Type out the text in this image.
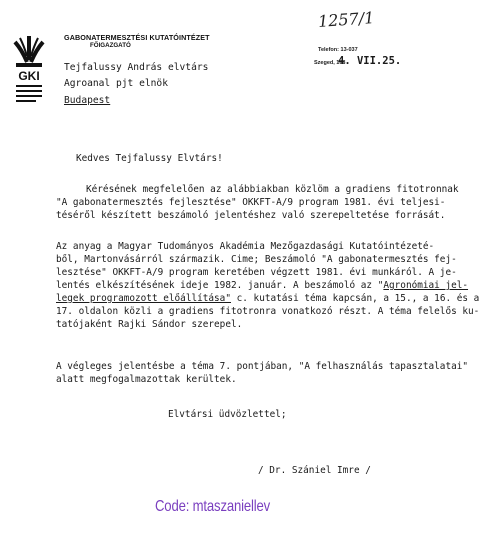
1257/1
GKI
GABONATERMESZTÉSI KUTATÓINTÉZET
FŐIGAZGATÓ
Telefon: 13-037
Szeged, 198
4. VII.25.
Tejfalussy András elvtárs
Agroanal pjt elnök
Budapest
Kedves Tejfalussy Elvtárs!
Kérésének megfelelően az alábbiakban közlöm a gradiens fitotronnak
"A gabonatermesztés fejlesztése" OKKFT-A/9 program 1981. évi teljesi-
téséről készített beszámoló jelentéshez való szerepeltetése forrását.
Az anyag a Magyar Tudományos Akadémia Mezőgazdasági Kutatóintézeté-
ből, Martonvásárról származik. Cime; Beszámoló "A gabonatermesztés fej-
lesztése" OKKFT-A/9 program keretében végzett 1981. évi munkáról. A je-
lentés elkészítésének ideje 1982. január. A beszámoló az "Agronómiai jel-
legek programozott előállítása" c. kutatási téma kapcsán, a 15., a 16. és a
17. oldalon közli a gradiens fitotronra vonatkozó részt. A téma felelős ku-
tatójaként Rajki Sándor szerepel.
A végleges jelentésbe a téma 7. pontjában, "A felhasználás tapasztalatai"
alatt megfogalmazottak kerültek.
Elvtársi üdvözlettel;
/ Dr. Szániel Imre /
Code: mtaszaniellev
